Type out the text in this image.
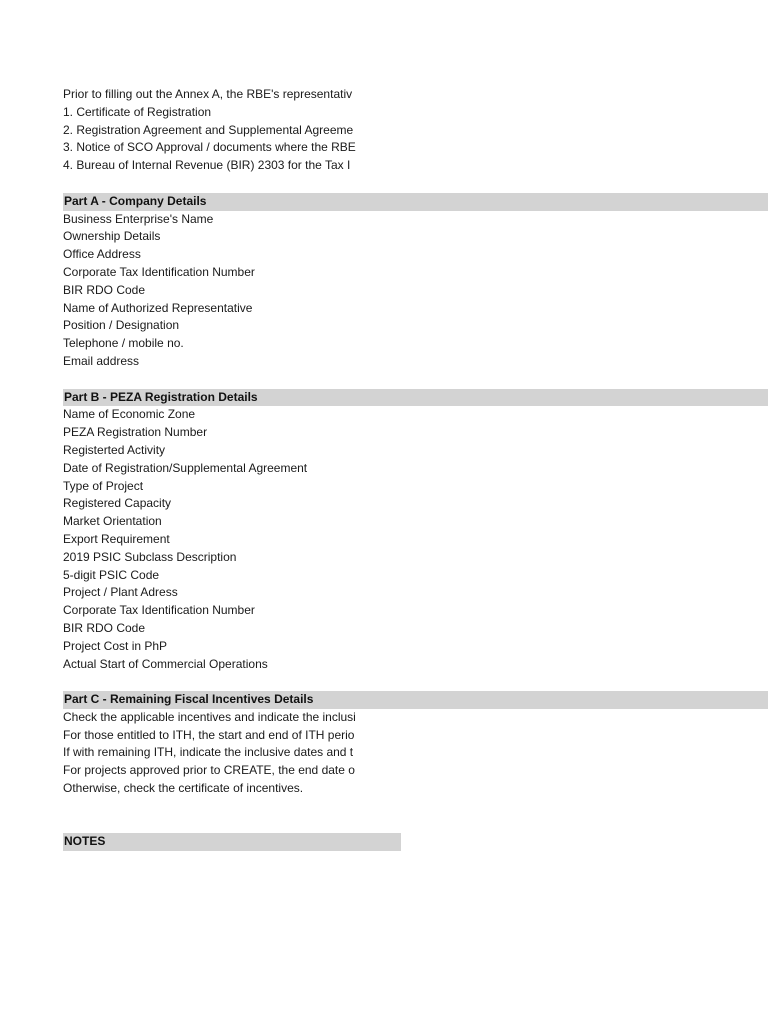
Prior to filling out the Annex A, the RBE's representativ
1. Certificate of Registration
2. Registration Agreement and Supplemental Agreeme
3. Notice of SCO Approval / documents where the RBE
4. Bureau of Internal Revenue (BIR) 2303 for the Tax I
Part A - Company Details
Business Enterprise's Name
Ownership Details
Office Address
Corporate Tax Identification Number
BIR RDO Code
Name of Authorized Representative
Position / Designation
Telephone / mobile no.
Email address
Part B - PEZA Registration Details
Name of Economic Zone
PEZA Registration Number
Registerted Activity
Date of Registration/Supplemental Agreement
Type of Project
Registered Capacity
Market Orientation
Export Requirement
2019 PSIC Subclass Description
5-digit PSIC Code
Project / Plant Adress
Corporate Tax Identification Number
BIR RDO Code
Project Cost in PhP
Actual Start of Commercial Operations
Part C - Remaining Fiscal Incentives Details
Check the applicable incentives and indicate the inclusi
For those entitled to ITH, the start and end of ITH perio
If with remaining ITH, indicate the inclusive dates and t
For projects approved prior to CREATE, the end date o
Otherwise, check the certificate of incentives.
NOTES
